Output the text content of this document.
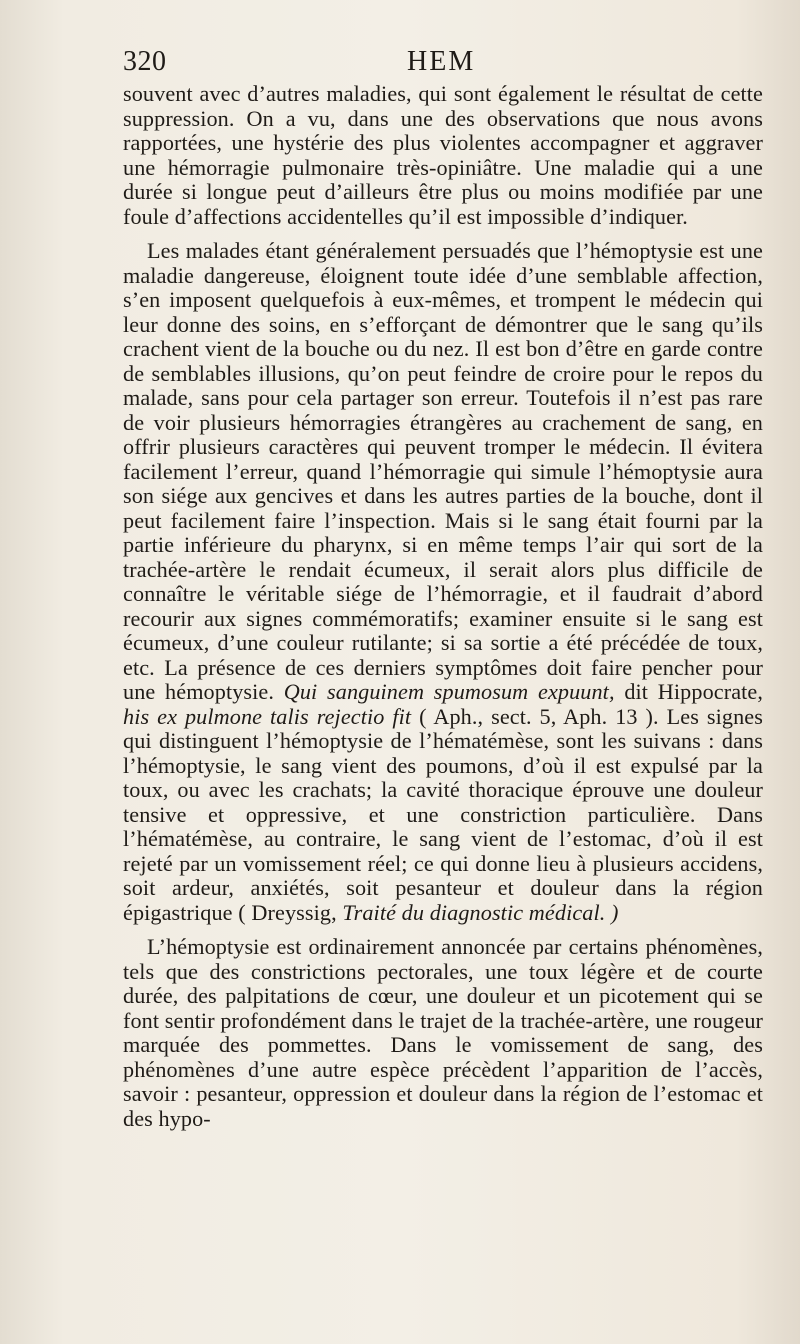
320	HEM

souvent avec d’autres maladies, qui sont également le résultat de cette suppression. On a vu, dans une des observations que nous avons rapportées, une hystérie des plus violentes accompagner et aggraver une hémorragie pulmonaire très-opiniâtre. Une maladie qui a une durée si longue peut d’ailleurs être plus ou moins modifiée par une foule d’affections accidentelles qu’il est impossible d’indiquer.

Les malades étant généralement persuadés que l’hémoptysie est une maladie dangereuse, éloignent toute idée d’une semblable affection, s’en imposent quelquefois à eux-mêmes, et trompent le médecin qui leur donne des soins, en s’efforçant de démontrer que le sang qu’ils crachent vient de la bouche ou du nez. Il est bon d’être en garde contre de semblables illusions, qu’on peut feindre de croire pour le repos du malade, sans pour cela partager son erreur. Toutefois il n’est pas rare de voir plusieurs hémorragies étrangères au crachement de sang, en offrir plusieurs caractères qui peuvent tromper le médecin. Il évitera facilement l’erreur, quand l’hémorragie qui simule l’hémoptysie aura son siége aux gencives et dans les autres parties de la bouche, dont il peut facilement faire l’inspection. Mais si le sang était fourni par la partie inférieure du pharynx, si en même temps l’air qui sort de la trachée-artère le rendait écumeux, il serait alors plus difficile de connaître le véritable siége de l’hémorragie, et il faudrait d’abord recourir aux signes commémoratifs; examiner ensuite si le sang est écumeux, d’une couleur rutilante; si sa sortie a été précédée de toux, etc. La présence de ces derniers symptômes doit faire pencher pour une hémoptysie. Qui sanguinem spumosum expuunt, dit Hippocrate, his ex pulmone talis rejectio fit ( Aph., sect. 5, Aph. 13 ). Les signes qui distinguent l’hémoptysie de l’hématémèse, sont les suivans : dans l’hémoptysie, le sang vient des poumons, d’où il est expulsé par la toux, ou avec les crachats; la cavité thoracique éprouve une douleur tensive et oppressive, et une constriction particulière. Dans l’hématémèse, au contraire, le sang vient de l’estomac, d’où il est rejeté par un vomissement réel; ce qui donne lieu à plusieurs accidens, soit ardeur, anxiétés, soit pesanteur et douleur dans la région épigastrique ( Dreyssig, Traité du diagnostic médical. )

L’hémoptysie est ordinairement annoncée par certains phénomènes, tels que des constrictions pectorales, une toux légère et de courte durée, des palpitations de cœur, une douleur et un picotement qui se font sentir profondément dans le trajet de la trachée-artère, une rougeur marquée des pommettes. Dans le vomissement de sang, des phénomènes d’une autre espèce précèdent l’apparition de l’accès, savoir : pesanteur, oppression et douleur dans la région de l’estomac et des hypo-
